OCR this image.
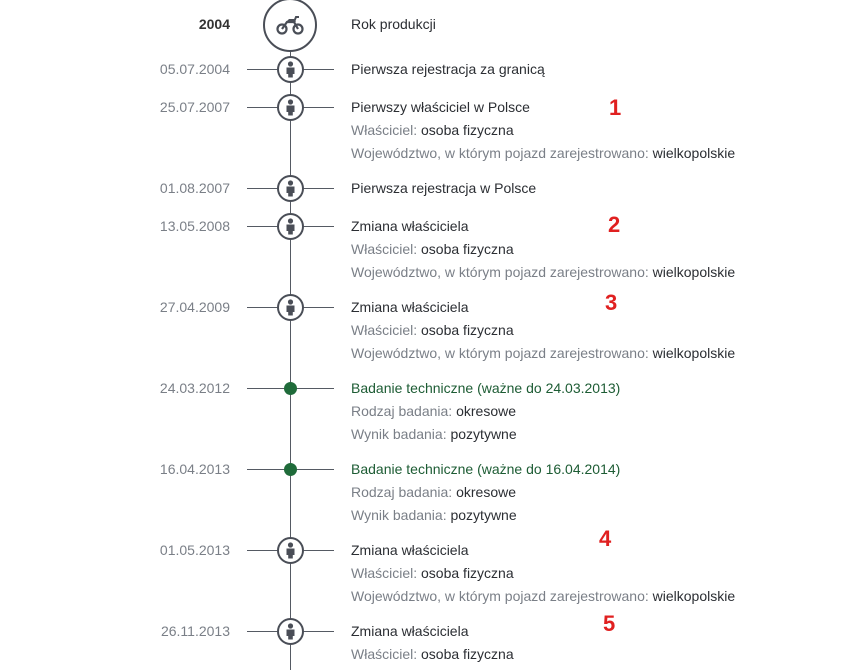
2004	Rok produkcji
05.07.2004	Pierwsza rejestracja za granicą
25.07.2007	Pierwszy właściciel w Polsce
Właściciel: osoba fizyczna
Województwo, w którym pojazd zarejestrowano: wielkopolskie
01.08.2007	Pierwsza rejestracja w Polsce
13.05.2008	Zmiana właściciela
Właściciel: osoba fizyczna
Województwo, w którym pojazd zarejestrowano: wielkopolskie
27.04.2009	Zmiana właściciela
Właściciel: osoba fizyczna
Województwo, w którym pojazd zarejestrowano: wielkopolskie
24.03.2012	Badanie techniczne (ważne do 24.03.2013)
Rodzaj badania: okresowe
Wynik badania: pozytywne
16.04.2013	Badanie techniczne (ważne do 16.04.2014)
Rodzaj badania: okresowe
Wynik badania: pozytywne
01.05.2013	Zmiana właściciela
Właściciel: osoba fizyczna
Województwo, w którym pojazd zarejestrowano: wielkopolskie
26.11.2013	Zmiana właściciela
Właściciel: osoba fizyczna
1
2
3
4
5
